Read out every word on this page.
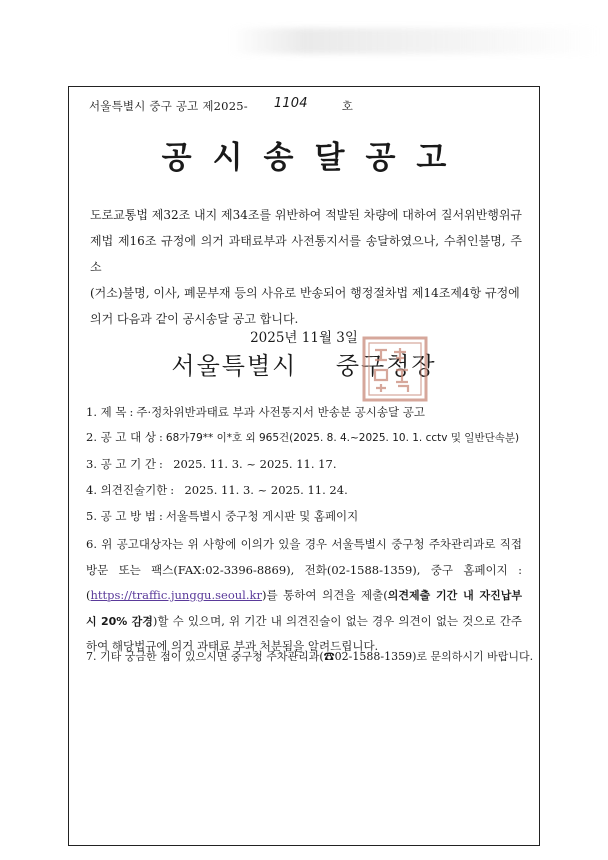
서울특별시 중구 공고 제2025- 1104	호
공시송달공고

도로교통법 제32조 내지 제34조를 위반하여 적발된 차량에 대하여 질서위반행위규

제법 제16조 규정에 의거 과태료부과 사전통지서를 송달하였으나, 수취인불명, 주소

(거소)불명, 이사, 폐문부재 등의 사유로 반송되어 행정절차법 제14조제4항 규정에

의거 다음과 같이 공시송달 공고 합니다.

2025년 11월 3일
서울특별시 중구청장
1. 제 목 : 주·정차위반과태료 부과 사전통지서 반송분 공시송달 공고
2. 공 고 대 상 : 68가79** 이*호 외 965건(2025. 8. 4.~2025. 10. 1. cctv 및 일반단속분)
3. 공 고 기 간 : 2025. 11. 3. ~ 2025. 11. 17.
4. 의견진술기한 : 2025. 11. 3. ~ 2025. 11. 24.
5. 공 고 방 법 : 서울특별시 중구청 게시판 및 홈페이지
6. 위 공고대상자는 위 사항에 이의가 있을 경우 서울특별시 중구청 주차관리과로 직접방문 또는 팩스(FAX:02-3396-8869), 전화(02-1588-1359), 중구 홈페이지 : (https://traffic.junggu.seoul.kr)를 통하여 의견을 제출(의견제출 기간 내 자진납부 시 20% 감경)할 수 있으며, 위 기간 내 의견진술이 없는 경우 의견이 없는 것으로 간주하여 해당법규에 의거 과태료 부과 처분됨을 알려드립니다.
7. 기타 궁금한 점이 있으시면 중구청 주차관리과(☎02-1588-1359)로 문의하시기 바랍니다.
